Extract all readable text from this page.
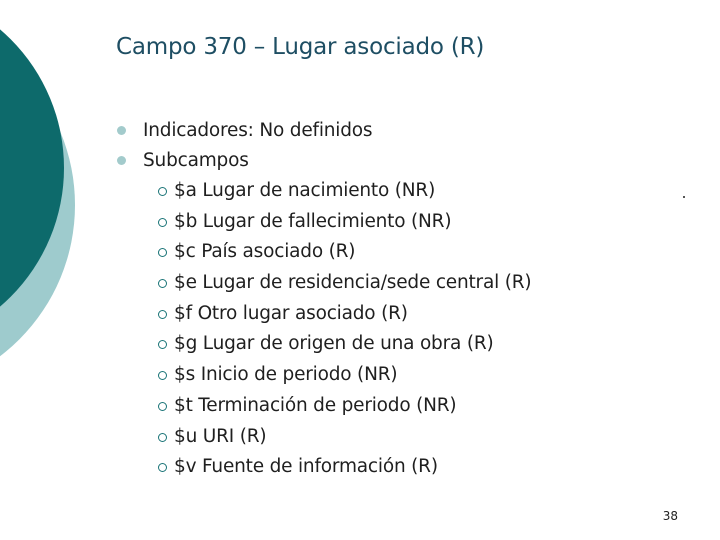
Campo 370 – Lugar asociado (R)
Indicadores: No definidos
Subcampos
$a Lugar de nacimiento (NR)
$b Lugar de fallecimiento (NR)
$c País asociado (R)
$e Lugar de residencia/sede central (R)
$f Otro lugar asociado (R)
$g Lugar de origen de una obra (R)
$s Inicio de periodo (NR)
$t Terminación de periodo (NR)
$u URI (R)
$v Fuente de información (R)
38
